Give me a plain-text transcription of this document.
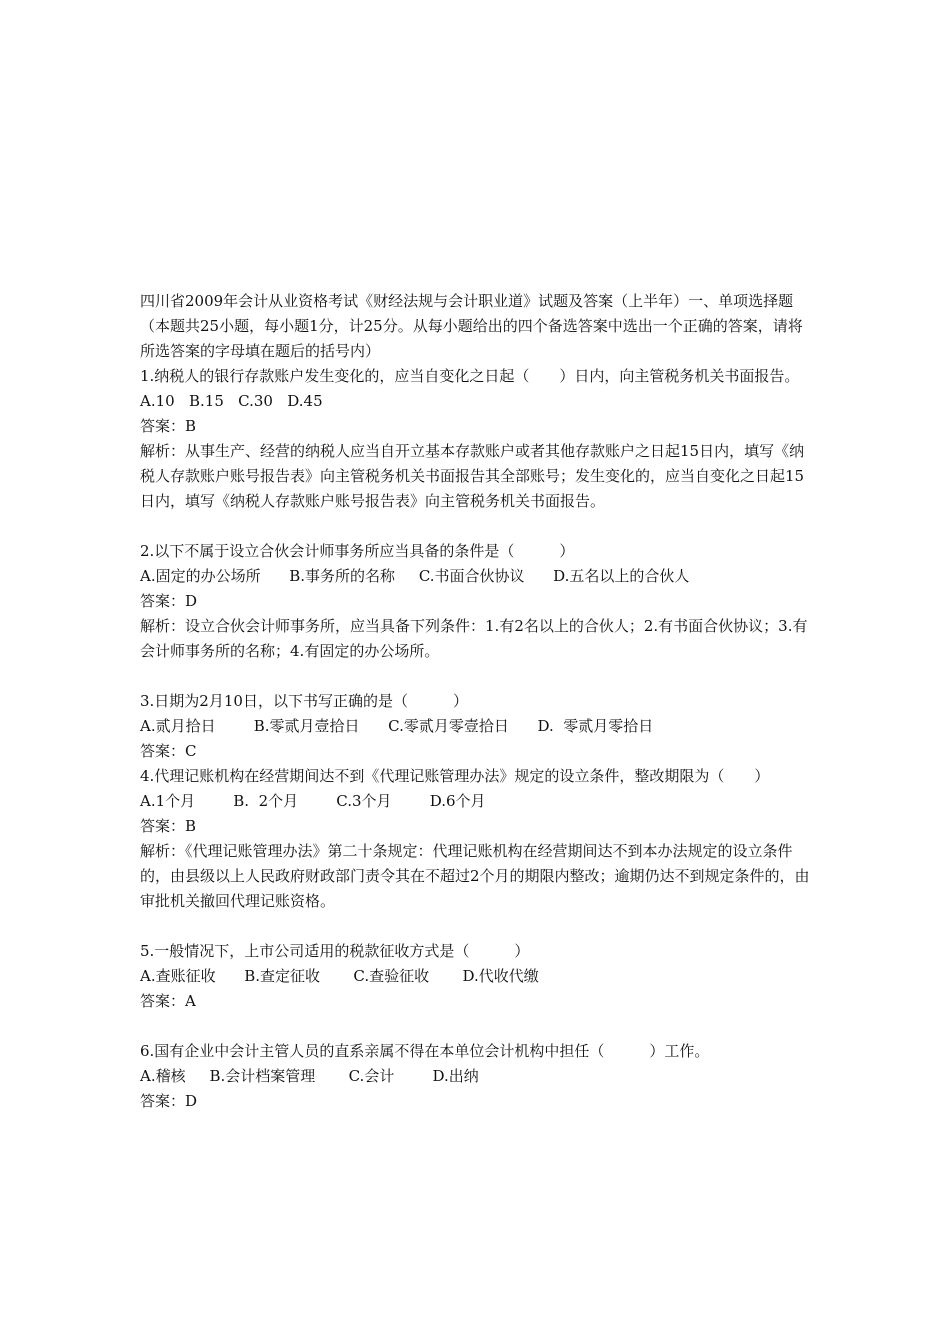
四川省2009年会计从业资格考试《财经法规与会计职业道》试题及答案（上半年）一、单项选择题（本题共25小题，每小题1分，计25分。从每小题给出的四个备选答案中选出一个正确的答案，请将所选答案的字母填在题后的括号内）

1.纳税人的银行存款账户发生变化的，应当自变化之日起（　　）日内，向主管税务机关书面报告。

A.10   B.15   C.30   D.45

答案：B

解析：从事生产、经营的纳税人应当自开立基本存款账户或者其他存款账户之日起15日内，填写《纳税人存款账户账号报告表》向主管税务机关书面报告其全部账号；发生变化的，应当自变化之日起15日内，填写《纳税人存款账户账号报告表》向主管税务机关书面报告。

2.以下不属于设立合伙会计师事务所应当具备的条件是（　　　）

A.固定的办公场所      B.事务所的名称     C.书面合伙协议      D.五名以上的合伙人

答案：D

解析：设立合伙会计师事务所，应当具备下列条件：1.有2名以上的合伙人；2.有书面合伙协议；3.有会计师事务所的名称；4.有固定的办公场所。

3.日期为2月10日，以下书写正确的是（　　　）

A.贰月拾日        B.零贰月壹拾日      C.零贰月零壹拾日      D.  零贰月零拾日

答案：C

4.代理记账机构在经营期间达不到《代理记账管理办法》规定的设立条件，整改期限为（　　）

A.1个月        B.  2个月        C.3个月        D.6个月

答案：B

解析：《代理记账管理办法》第二十条规定：代理记账机构在经营期间达不到本办法规定的设立条件的，由县级以上人民政府财政部门责令其在不超过2个月的期限内整改；逾期仍达不到规定条件的，由审批机关撤回代理记账资格。

5.一般情况下，上市公司适用的税款征收方式是（　　　）

A.查账征收      B.查定征收       C.查验征收       D.代收代缴

答案：A

6.国有企业中会计主管人员的直系亲属不得在本单位会计机构中担任（　　　）工作。

A.稽核     B.会计档案管理       C.会计        D.出纳

答案：D
